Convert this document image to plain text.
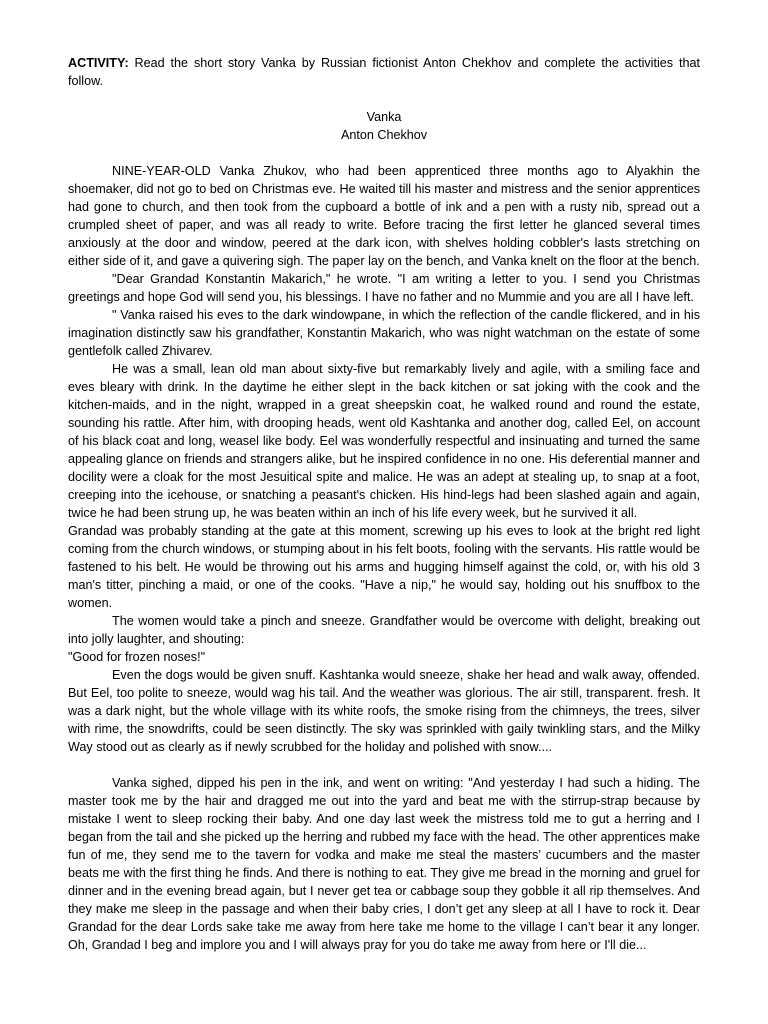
ACTIVITY: Read the short story Vanka by Russian fictionist Anton Chekhov and complete the activities that follow.

Vanka
Anton Chekhov

NINE-YEAR-OLD Vanka Zhukov, who had been apprenticed three months ago to Alyakhin the shoemaker, did not go to bed on Christmas eve. He waited till his master and mistress and the senior apprentices had gone to church, and then took from the cupboard a bottle of ink and a pen with a rusty nib, spread out a crumpled sheet of paper, and was all ready to write. Before tracing the first letter he glanced several times anxiously at the door and window, peered at the dark icon, with shelves holding cobbler's lasts stretching on either side of it, and gave a quivering sigh. The paper lay on the bench, and Vanka knelt on the floor at the bench.

"Dear Grandad Konstantin Makarich," he wrote. "I am writing a letter to you. I send you Christmas greetings and hope God will send you, his blessings. I have no father and no Mummie and you are all I have left.

" Vanka raised his eves to the dark windowpane, in which the reflection of the candle flickered, and in his imagination distinctly saw his grandfather, Konstantin Makarich, who was night watchman on the estate of some gentlefolk called Zhivarev.

He was a small, lean old man about sixty-five but remarkably lively and agile, with a smiling face and eves bleary with drink. In the daytime he either slept in the back kitchen or sat joking with the cook and the kitchen-maids, and in the night, wrapped in a great sheepskin coat, he walked round and round the estate, sounding his rattle. After him, with drooping heads, went old Kashtanka and another dog, called Eel, on account of his black coat and long, weasel like body. Eel was wonderfully respectful and insinuating and turned the same appealing glance on friends and strangers alike, but he inspired confidence in no one. His deferential manner and docility were a cloak for the most Jesuitical spite and malice. He was an adept at stealing up, to snap at a foot, creeping into the icehouse, or snatching a peasant's chicken. His hind-legs had been slashed again and again, twice he had been strung up, he was beaten within an inch of his life every week, but he survived it all.

Grandad was probably standing at the gate at this moment, screwing up his eves to look at the bright red light coming from the church windows, or stumping about in his felt boots, fooling with the servants. His rattle would be fastened to his belt. He would be throwing out his arms and hugging himself against the cold, or, with his old 3 man's titter, pinching a maid, or one of the cooks. "Have a nip," he would say, holding out his snuffbox to the women.

The women would take a pinch and sneeze. Grandfather would be overcome with delight, breaking out into jolly laughter, and shouting:

"Good for frozen noses!"

Even the dogs would be given snuff. Kashtanka would sneeze, shake her head and walk away, offended. But Eel, too polite to sneeze, would wag his tail. And the weather was glorious. The air still, transparent. fresh. It was a dark night, but the whole village with its white roofs, the smoke rising from the chimneys, the trees, silver with rime, the snowdrifts, could be seen distinctly. The sky was sprinkled with gaily twinkling stars, and the Milky Way stood out as clearly as if newly scrubbed for the holiday and polished with snow....

Vanka sighed, dipped his pen in the ink, and went on writing: "And yesterday I had such a hiding. The master took me by the hair and dragged me out into the yard and beat me with the stirrup-strap because by mistake I went to sleep rocking their baby. And one day last week the mistress told me to gut a herring and I began from the tail and she picked up the herring and rubbed my face with the head. The other apprentices make fun of me, they send me to the tavern for vodka and make me steal the masters’ cucumbers and the master beats me with the first thing he finds. And there is nothing to eat. They give me bread in the morning and gruel for dinner and in the evening bread again, but I never get tea or cabbage soup they gobble it all rip themselves. And they make me sleep in the passage and when their baby cries, I don’t get any sleep at all I have to rock it. Dear Grandad for the dear Lords sake take me away from here take me home to the village I can’t bear it any longer. Oh, Grandad I beg and implore you and I will always pray for you do take me away from here or I'll die...
